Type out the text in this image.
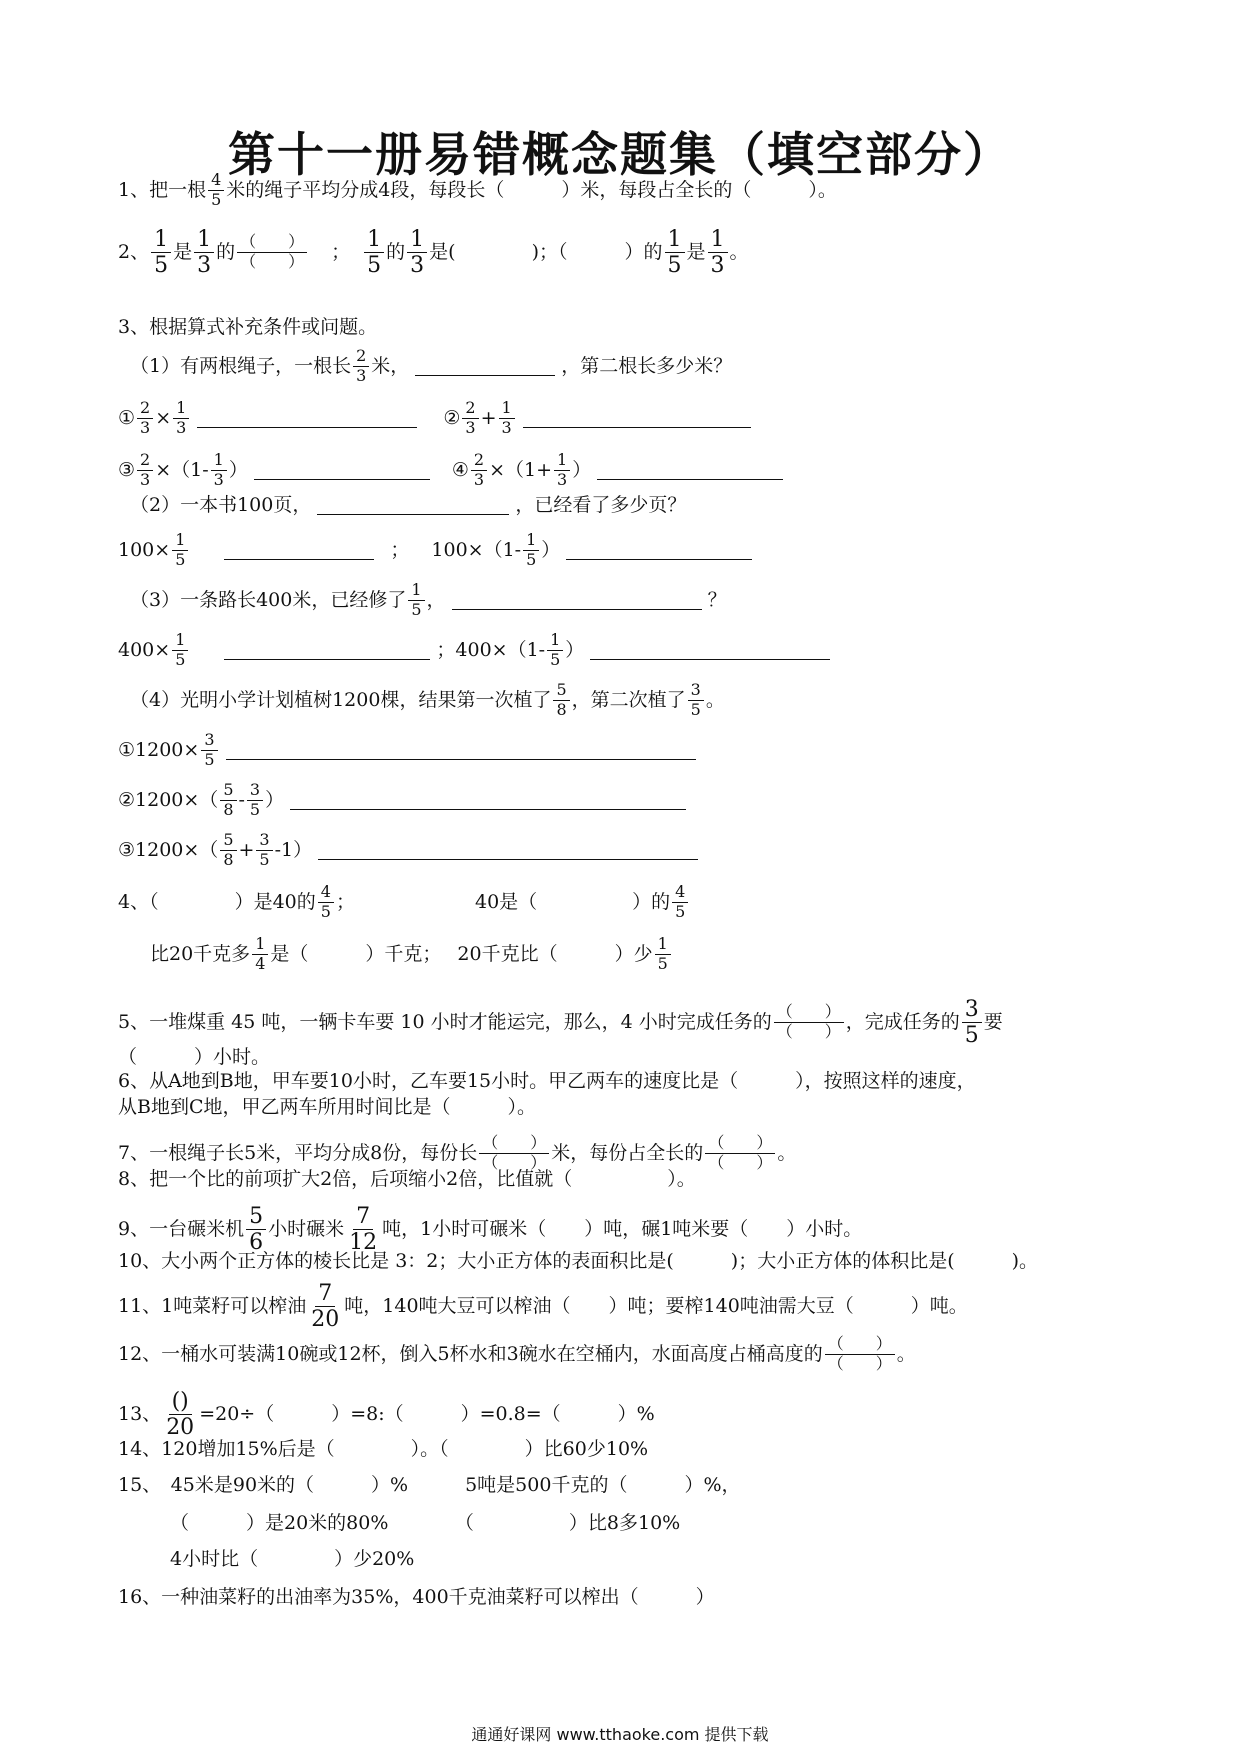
第十一册易错概念题集（填空部分）
1、把一根 $\frac{4}{5}$ 米的绳子平均分成4段，每段长（　　　）米，每段占全长的（　　　）。
2、 $\frac{1}{5}$ 是 $\frac{1}{3}$ 的 $\frac{( )}{( )}$ ； $\frac{1}{5}$ 的 $\frac{1}{3}$ 是(　　　　)；（　　　）的 $\frac{1}{5}$ 是 $\frac{1}{3}$ 。
3、根据算式补充条件或问题。
（1）有两根绳子，一根长 $\frac{2}{3}$ 米，	，第二根长多少米？
① $\frac{2}{3} \times \frac{1}{3}$	② $\frac{2}{3} + \frac{1}{3}$
③ $\frac{2}{3} \times(1- \frac{1}{3}$ ）	④ $\frac{2}{3} \times(1+ \frac{1}{3}$ ）
（2）一本书100页，	，已经看了多少页？
$100\times \frac{1}{5}$	； $100\times(1- \frac{1}{5}$ ）
（3）一条路长400米，已经修了 $\frac{1}{5}$ ，	？
$400\times \frac{1}{5}$	； $400\times(1- \frac{1}{5}$ ）
（4）光明小学计划植树1200棵，结果第一次植了 $\frac{5}{8}$ ，第二次植了 $\frac{3}{5}$ 。
①1200× $\frac{3}{5}$
②1200×（ $\frac{5}{8} - \frac{3}{5}$ ）
③1200×（ $\frac{5}{8} + \frac{3}{5} -1$）
4、（　　　　）是40的 $\frac{4}{5}$ ；	40是（　　　　　）的 $\frac{4}{5}$
比20千克多 $\frac{1}{4}$ 是（　　　）千克； 20千克比（　　　）少 $\frac{1}{5}$
5、一堆煤重 45 吨，一辆卡车要 10 小时才能运完，那么，4 小时完成任务的 $\frac{( )}{( )}$ ，完成任务的 $\frac{3}{5}$ 要
（　　　）小时。
6、从A地到B地，甲车要10小时，乙车要15小时。甲乙两车的速度比是（　　　），按照这样的速度，
从B地到C地，甲乙两车所用时间比是（　　　）。
7、一根绳子长5米，平均分成8份，每份长 $\frac{( )}{( )}$ 米，每份占全长的 $\frac{( )}{( )}$ 。
8、把一个比的前项扩大2倍，后项缩小2倍，比值就（　　　　　）。
9、一台碾米机 $\frac{5}{6}$ 小时碾米 $\frac{7}{12}$ 吨，1小时可碾米（　　）吨，碾1吨米要（　　）小时。
10、大小两个正方体的棱长比是 3：2；大小正方体的表面积比是(　　　)；大小正方体的体积比是(　　　)。
11、1吨菜籽可以榨油 $\frac{7}{20}$ 吨，140吨大豆可以榨油（　　）吨；要榨140吨油需大豆（　　　）吨。
12、一桶水可装满10碗或12杯，倒入5杯水和3碗水在空桶内，水面高度占桶高度的 $\frac{( )}{( )}$ 。
13、 $\frac{()}{20} =20\div$（　　　）=8:（　　　）=0.8=（　　　）%
14、120增加15%后是（　　　　）。（　　　　）比60少10%
15、　45米是90米的（　　　）%　　　5吨是500千克的（　　　）%，
（　　　）是20米的80%　　　　（　　　　　）比8多10%
4小时比（　　　　）少20%
16、一种油菜籽的出油率为35%，400千克油菜籽可以榨出（　　　）
通通好课网 www.tthaoke.com 提供下载
